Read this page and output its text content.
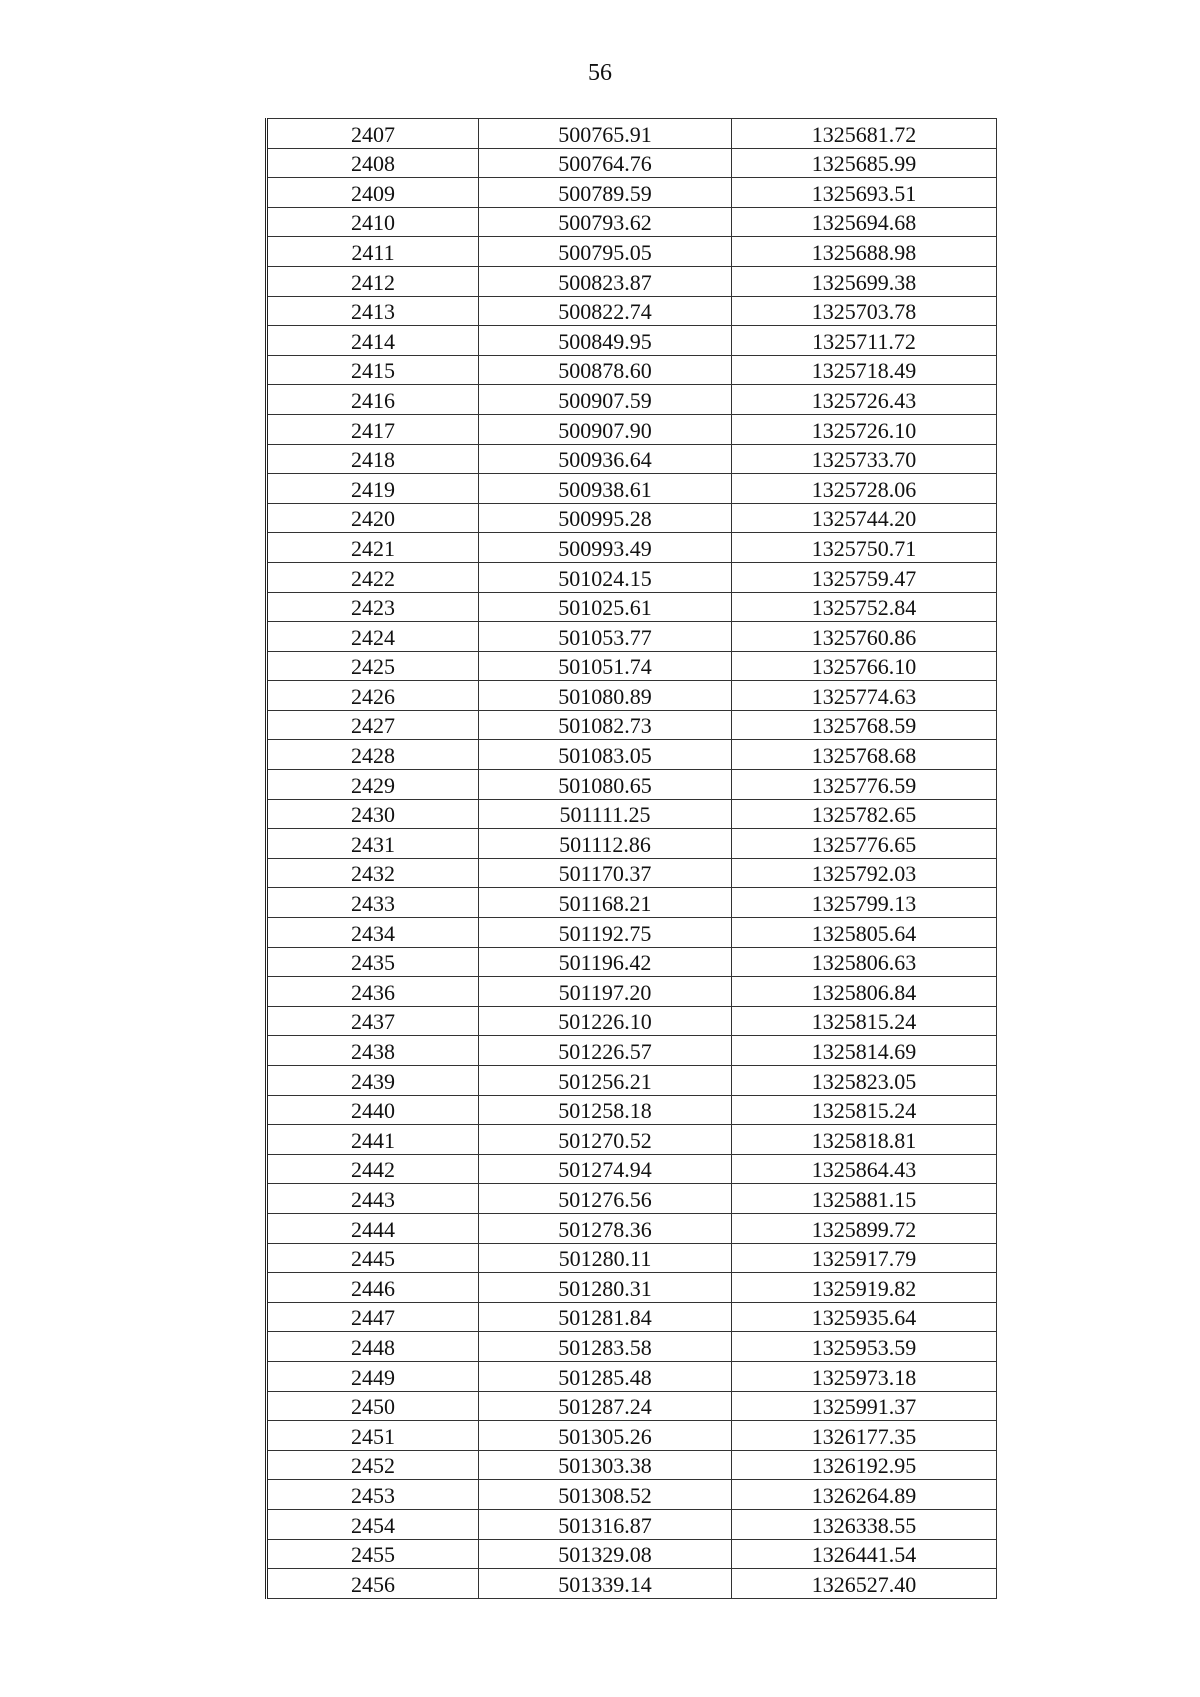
56
2407	500765.91	1325681.72
2408	500764.76	1325685.99
2409	500789.59	1325693.51
2410	500793.62	1325694.68
2411	500795.05	1325688.98
2412	500823.87	1325699.38
2413	500822.74	1325703.78
2414	500849.95	1325711.72
2415	500878.60	1325718.49
2416	500907.59	1325726.43
2417	500907.90	1325726.10
2418	500936.64	1325733.70
2419	500938.61	1325728.06
2420	500995.28	1325744.20
2421	500993.49	1325750.71
2422	501024.15	1325759.47
2423	501025.61	1325752.84
2424	501053.77	1325760.86
2425	501051.74	1325766.10
2426	501080.89	1325774.63
2427	501082.73	1325768.59
2428	501083.05	1325768.68
2429	501080.65	1325776.59
2430	501111.25	1325782.65
2431	501112.86	1325776.65
2432	501170.37	1325792.03
2433	501168.21	1325799.13
2434	501192.75	1325805.64
2435	501196.42	1325806.63
2436	501197.20	1325806.84
2437	501226.10	1325815.24
2438	501226.57	1325814.69
2439	501256.21	1325823.05
2440	501258.18	1325815.24
2441	501270.52	1325818.81
2442	501274.94	1325864.43
2443	501276.56	1325881.15
2444	501278.36	1325899.72
2445	501280.11	1325917.79
2446	501280.31	1325919.82
2447	501281.84	1325935.64
2448	501283.58	1325953.59
2449	501285.48	1325973.18
2450	501287.24	1325991.37
2451	501305.26	1326177.35
2452	501303.38	1326192.95
2453	501308.52	1326264.89
2454	501316.87	1326338.55
2455	501329.08	1326441.54
2456	501339.14	1326527.40
